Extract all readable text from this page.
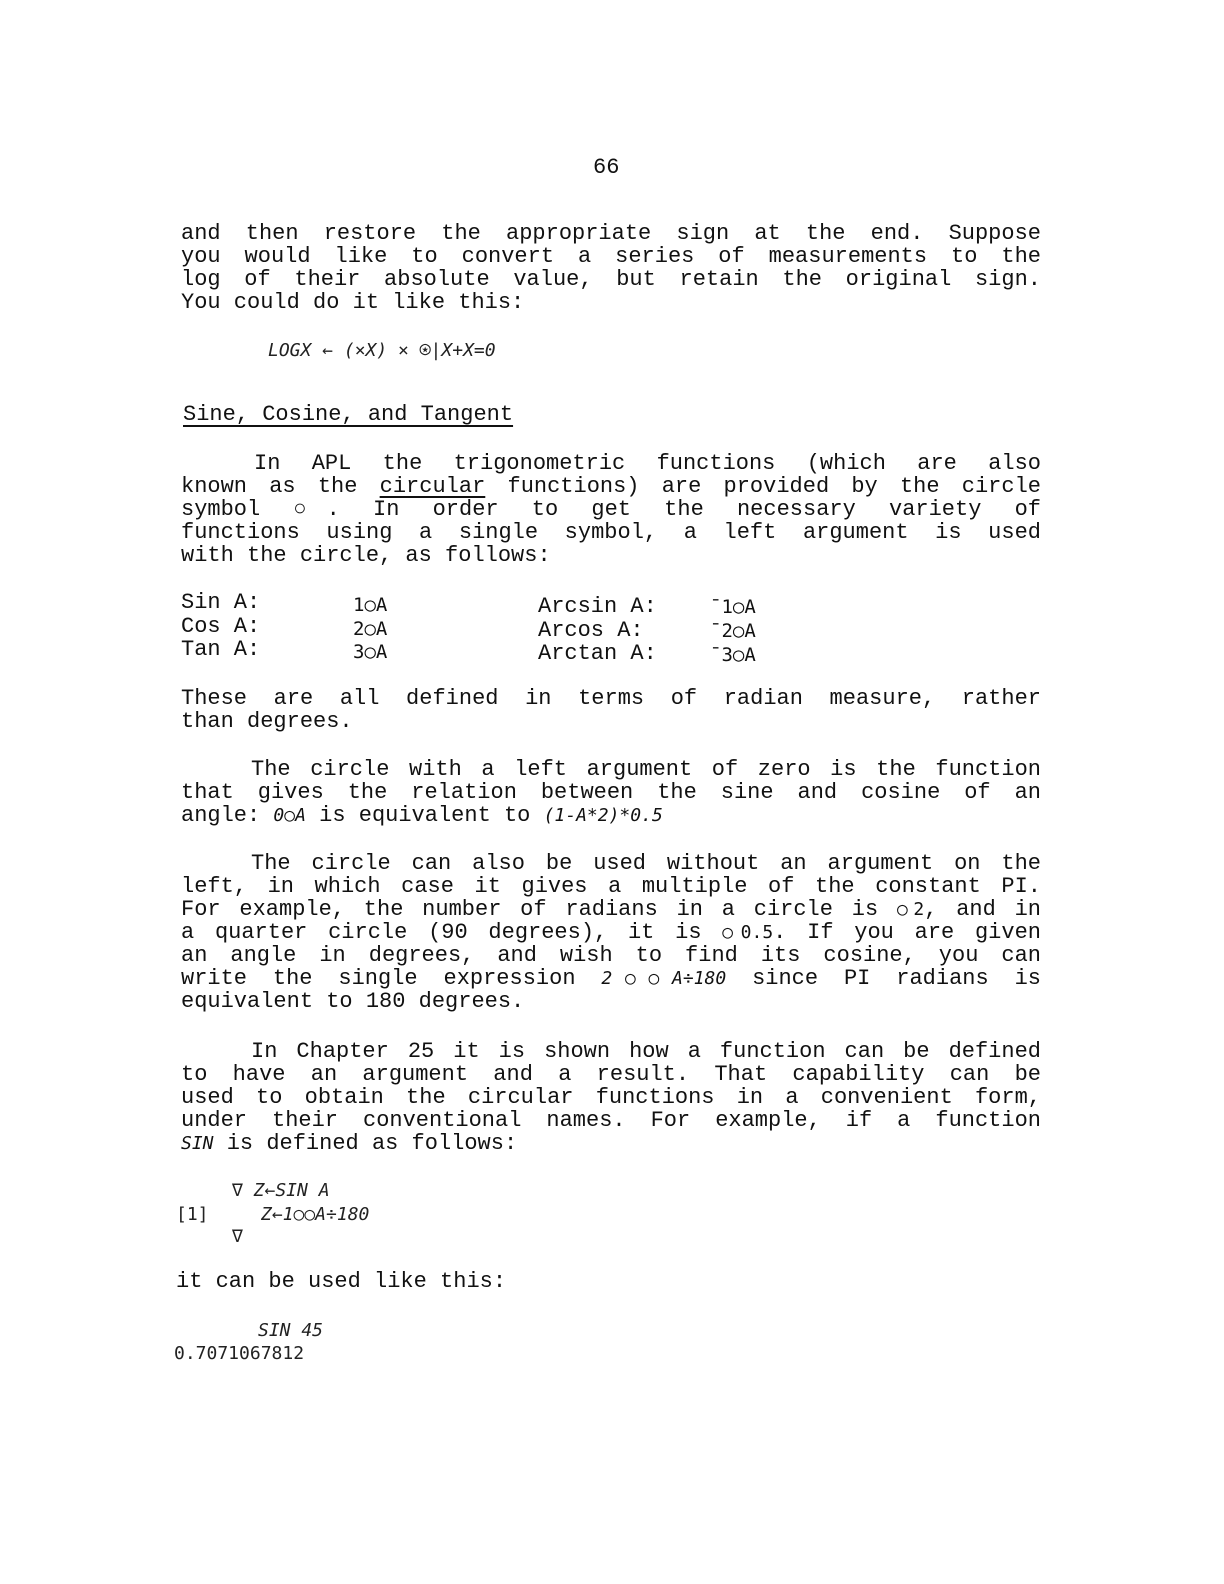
66
and then restore the appropriate sign at the end. Suppose
you would like to convert a series of measurements to the
log of their absolute value, but retain the original sign.
You could do it like this:
LOGX ← (×X) × ⍟|X+X=0
Sine, Cosine, and Tangent
In APL the trigonometric functions (which are also
known as the circular functions) are provided by the circle
symbol ○. In order to get the necessary variety of
functions using a single symbol, a left argument is used
with the circle, as follows:
Sin A:	1○A	Arcsin A:	¯1○A
Cos A:	2○A	Arcos A:	¯2○A
Tan A:	3○A	Arctan A:	¯3○A
These are all defined in terms of radian measure, rather
than degrees.
The circle with a left argument of zero is the function
that gives the relation between the sine and cosine of an
angle: 0○A is equivalent to (1-A*2)*0.5
The circle can also be used without an argument on the
left, in which case it gives a multiple of the constant PI.
For example, the number of radians in a circle is ○2, and in
a quarter circle (90 degrees), it is ○0.5. If you are given
an angle in degrees, and wish to find its cosine, you can
write the single expression 2○○A÷180 since PI radians is
equivalent to 180 degrees.
In Chapter 25 it is shown how a function can be defined
to have an argument and a result. That capability can be
used to obtain the circular functions in a convenient form,
under their conventional names. For example, if a function
SIN is defined as follows:
∇ Z←SIN A
[1]	Z←1○○A÷180
∇
it can be used like this:
SIN 45
0.7071067812
